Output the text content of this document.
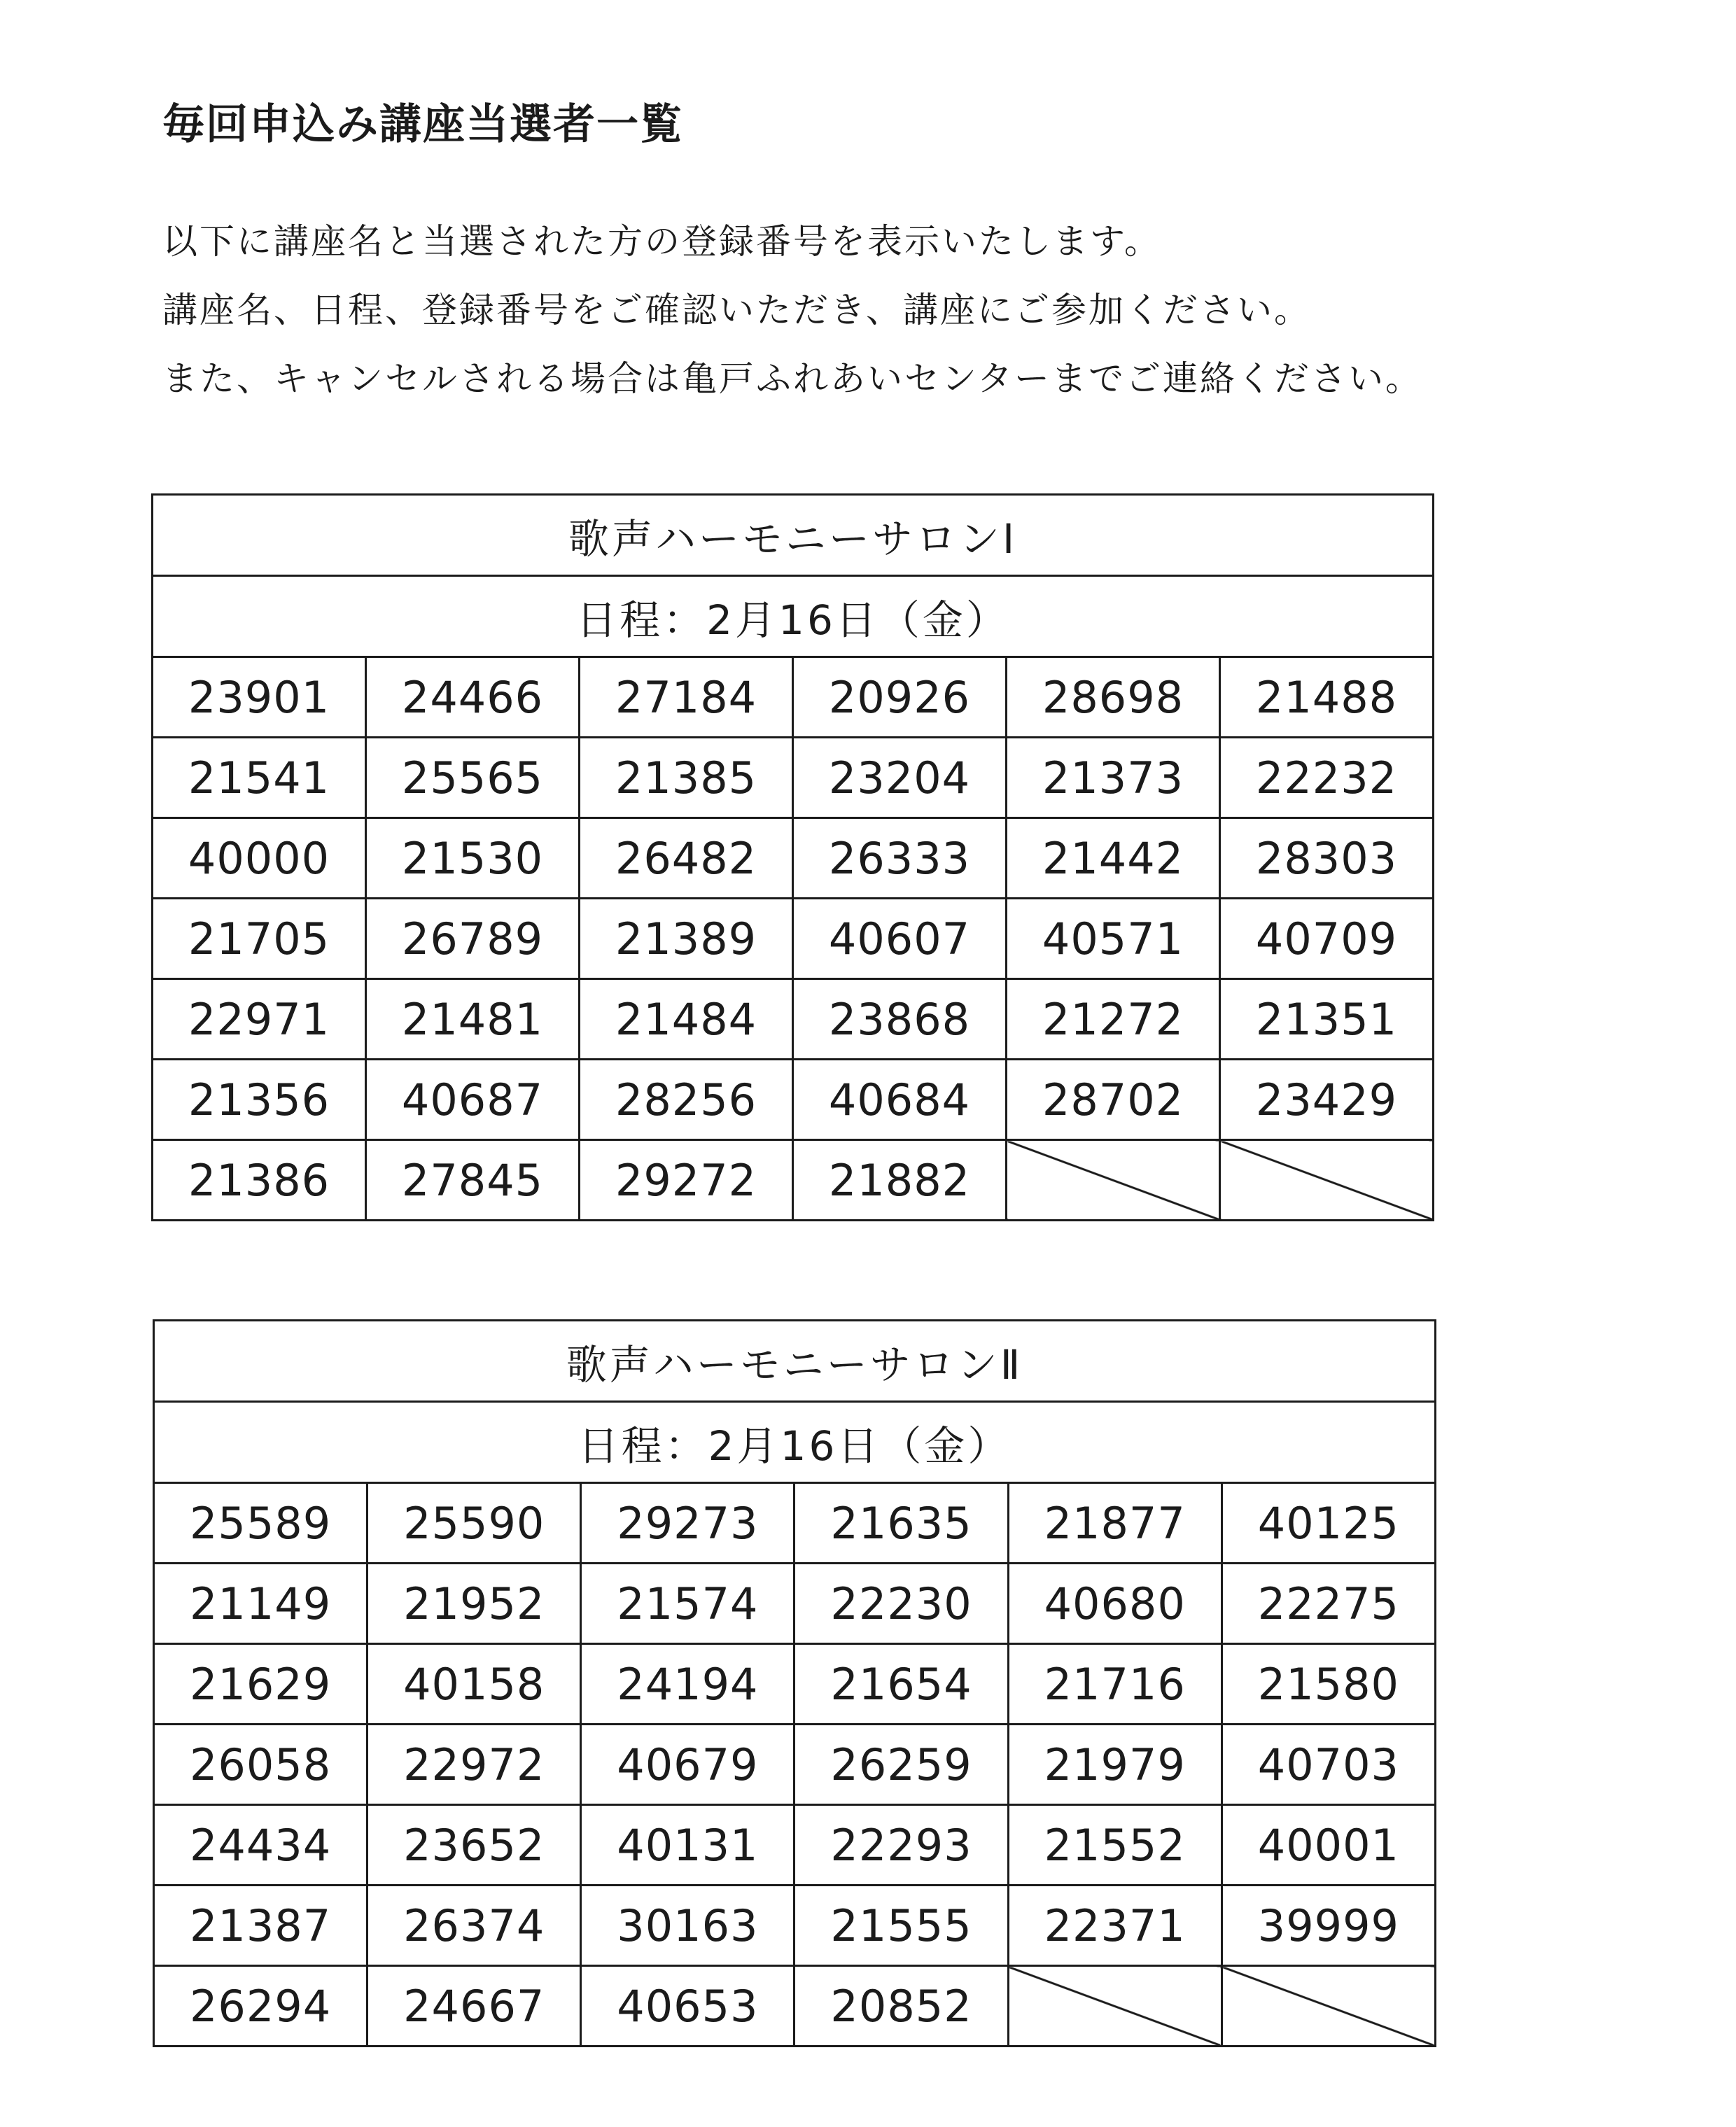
毎回申込み講座当選者一覧

以下に講座名と当選された方の登録番号を表示いたします。

講座名、日程、登録番号をご確認いただき、講座にご参加ください。

また、キャンセルされる場合は亀戸ふれあいセンターまでご連絡ください。

歌声ハーモニーサロンⅠ					
日程：2月16日（金）					
23901	24466	27184	20926	28698	21488
21541	25565	21385	23204	21373	22232
40000	21530	26482	26333	21442	28303
21705	26789	21389	40607	40571	40709
22971	21481	21484	23868	21272	21351
21356	40687	28256	40684	28702	23429
21386	27845	29272	21882		
歌声ハーモニーサロンⅡ					
日程：2月16日（金）					
25589	25590	29273	21635	21877	40125
21149	21952	21574	22230	40680	22275
21629	40158	24194	21654	21716	21580
26058	22972	40679	26259	21979	40703
24434	23652	40131	22293	21552	40001
21387	26374	30163	21555	22371	39999
26294	24667	40653	20852		
